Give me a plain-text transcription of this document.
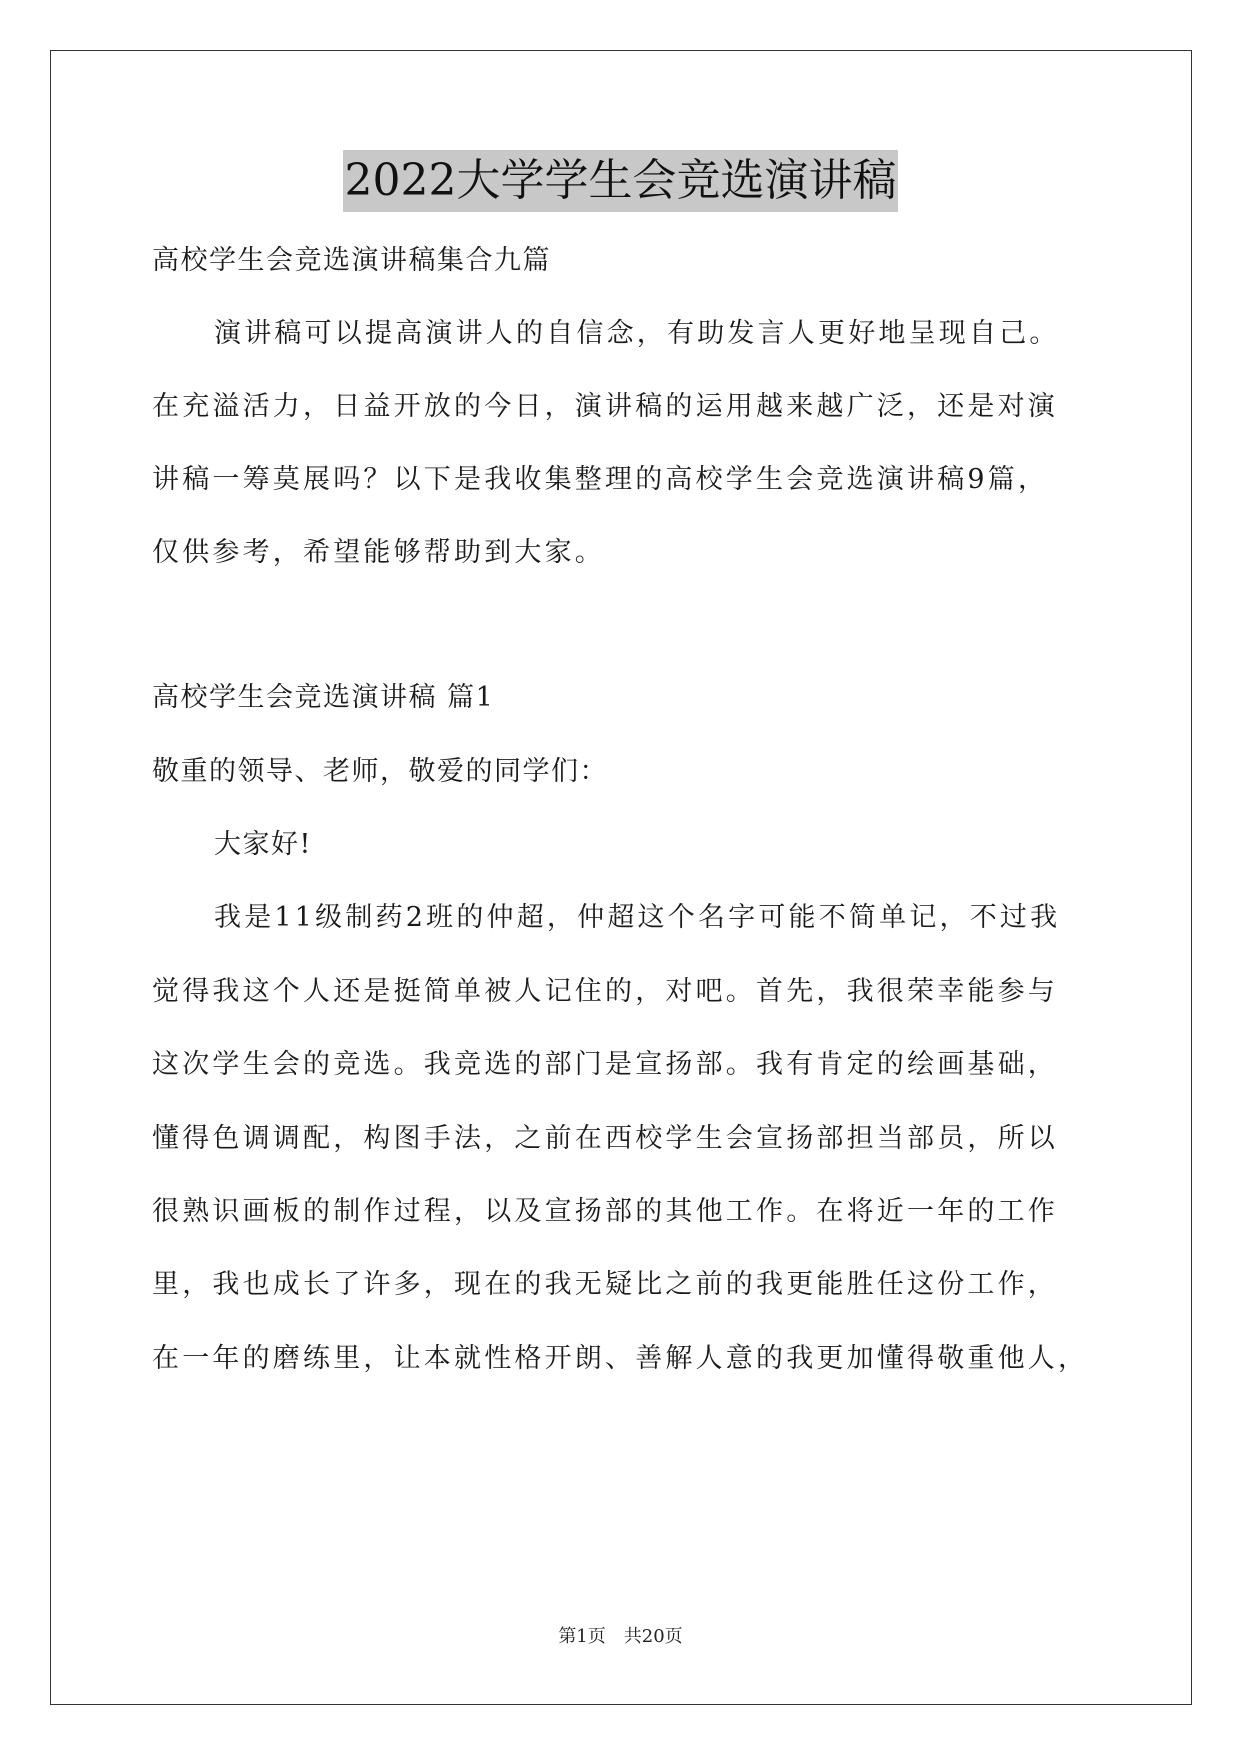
2022大学学生会竞选演讲稿
高校学生会竞选演讲稿集合九篇
演讲稿可以提高演讲人的自信念，有助发言人更好地呈现自己。
在充溢活力，日益开放的今日，演讲稿的运用越来越广泛，还是对演
讲稿一筹莫展吗？以下是我收集整理的高校学生会竞选演讲稿9篇，
仅供参考，希望能够帮助到大家。
高校学生会竞选演讲稿 篇1
敬重的领导、老师，敬爱的同学们：
大家好!
我是11级制药2班的仲超，仲超这个名字可能不简单记，不过我
觉得我这个人还是挺简单被人记住的，对吧。首先，我很荣幸能参与
这次学生会的竞选。我竞选的部门是宣扬部。我有肯定的绘画基础，
懂得色调调配，构图手法，之前在西校学生会宣扬部担当部员，所以
很熟识画板的制作过程，以及宣扬部的其他工作。在将近一年的工作
里，我也成长了许多，现在的我无疑比之前的我更能胜任这份工作，
在一年的磨练里，让本就性格开朗、善解人意的我更加懂得敬重他人，
第1页　共20页
